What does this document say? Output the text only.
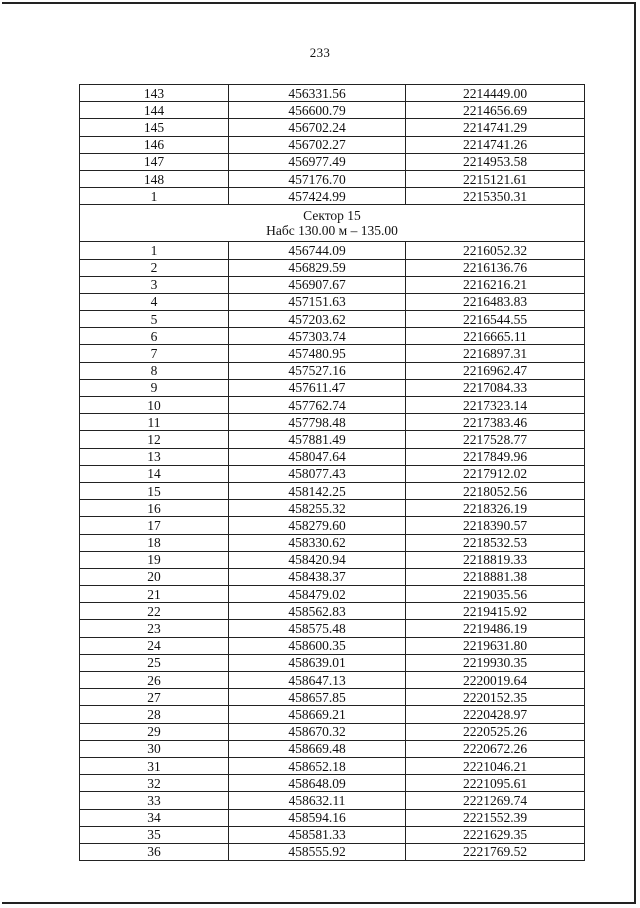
233
143	456331.56	2214449.00
144	456600.79	2214656.69
145	456702.24	2214741.29
146	456702.27	2214741.26
147	456977.49	2214953.58
148	457176.70	2215121.61
1	457424.99	2215350.31

Сектор 15
Набс 130.00 м – 135.00		

1	456744.09	2216052.32
2	456829.59	2216136.76
3	456907.67	2216216.21
4	457151.63	2216483.83
5	457203.62	2216544.55
6	457303.74	2216665.11
7	457480.95	2216897.31
8	457527.16	2216962.47
9	457611.47	2217084.33
10	457762.74	2217323.14
11	457798.48	2217383.46
12	457881.49	2217528.77
13	458047.64	2217849.96
14	458077.43	2217912.02
15	458142.25	2218052.56
16	458255.32	2218326.19
17	458279.60	2218390.57
18	458330.62	2218532.53
19	458420.94	2218819.33
20	458438.37	2218881.38
21	458479.02	2219035.56
22	458562.83	2219415.92
23	458575.48	2219486.19
24	458600.35	2219631.80
25	458639.01	2219930.35
26	458647.13	2220019.64
27	458657.85	2220152.35
28	458669.21	2220428.97
29	458670.32	2220525.26
30	458669.48	2220672.26
31	458652.18	2221046.21
32	458648.09	2221095.61
33	458632.11	2221269.74
34	458594.16	2221552.39
35	458581.33	2221629.35
36	458555.92	2221769.52
